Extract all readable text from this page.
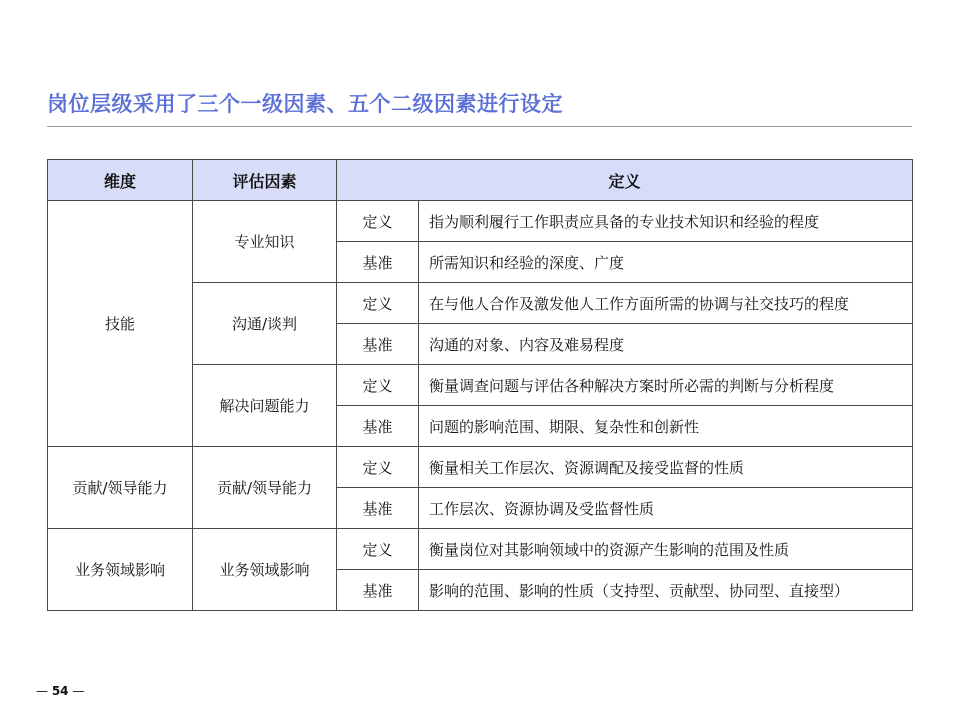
岗位层级采用了三个一级因素、五个二级因素进行设定
维度	评估因素	定义	
技能	专业知识	定义	指为顺利履行工作职责应具备的专业技术知识和经验的程度
		基准	所需知识和经验的深度、广度
	沟通/谈判	定义	在与他人合作及激发他人工作方面所需的协调与社交技巧的程度
		基准	沟通的对象、内容及难易程度
	解决问题能力	定义	衡量调查问题与评估各种解决方案时所必需的判断与分析程度
		基准	问题的影响范围、期限、复杂性和创新性
贡献/领导能力	贡献/领导能力	定义	衡量相关工作层次、资源调配及接受监督的性质
		基准	工作层次、资源协调及受监督性质
业务领域影响	业务领域影响	定义	衡量岗位对其影响领域中的资源产生影响的范围及性质
		基准	影响的范围、影响的性质（支持型、贡献型、协同型、直接型）
— 54 —
